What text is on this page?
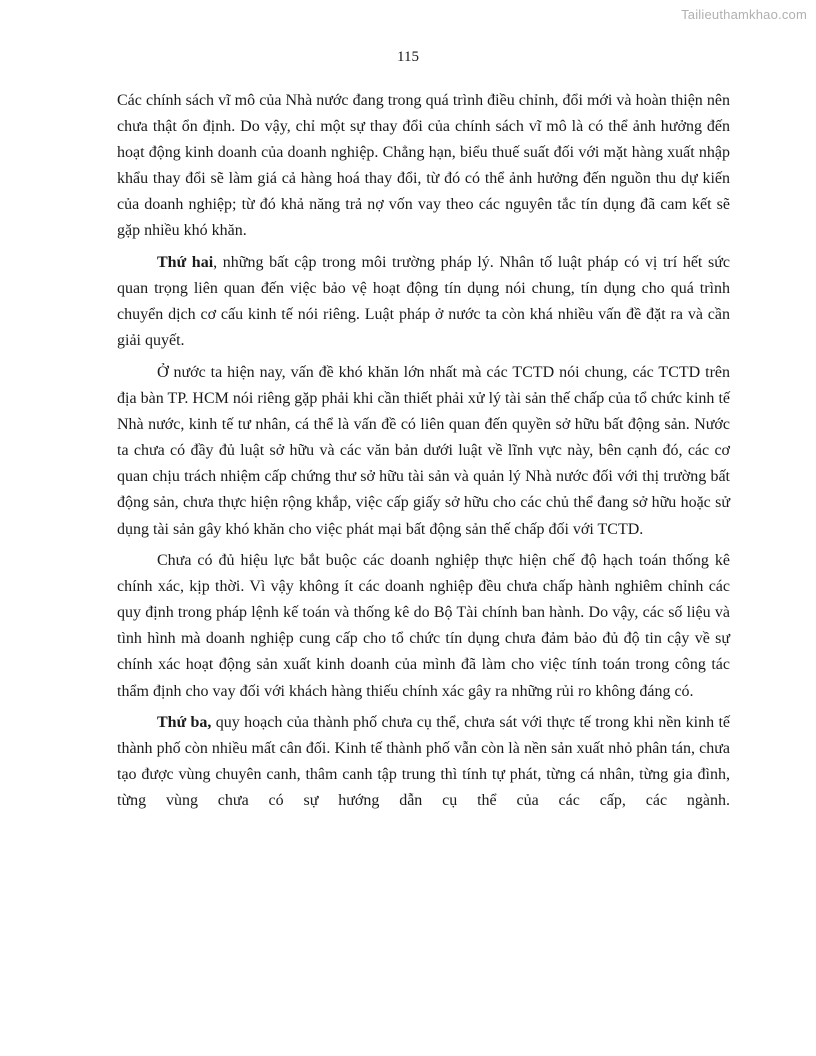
Tailieuthamkhao.com
115

Các chính sách vĩ mô của Nhà nước đang trong quá trình điều chỉnh, đổi mới và hoàn thiện nên chưa thật ổn định. Do vậy, chỉ một sự thay đổi của chính sách vĩ mô là có thể ảnh hưởng đến hoạt động kinh doanh của doanh nghiệp. Chẳng hạn, biểu thuế suất đối với mặt hàng xuất nhập khẩu thay đổi sẽ làm giá cả hàng hoá thay đổi, từ đó có thể ảnh hưởng đến nguồn thu dự kiến của doanh nghiệp; từ đó khả năng trả nợ vốn vay theo các nguyên tắc tín dụng đã cam kết sẽ gặp nhiều khó khăn.

Thứ hai, những bất cập trong môi trường pháp lý. Nhân tố luật pháp có vị trí hết sức quan trọng liên quan đến việc bảo vệ hoạt động tín dụng nói chung, tín dụng cho quá trình chuyển dịch cơ cấu kinh tế nói riêng. Luật pháp ở nước ta còn khá nhiều vấn đề đặt ra và cần giải quyết.

Ở nước ta hiện nay, vấn đề khó khăn lớn nhất mà các TCTD nói chung, các TCTD trên địa bàn TP. HCM nói riêng gặp phải khi cần thiết phải xử lý tài sản thế chấp của tổ chức kinh tế Nhà nước, kinh tế tư nhân, cá thể là vấn đề có liên quan đến quyền sở hữu bất động sản. Nước ta chưa có đầy đủ luật sở hữu và các văn bản dưới luật về lĩnh vực này, bên cạnh đó, các cơ quan chịu trách nhiệm cấp chứng thư sở hữu tài sản và quản lý Nhà nước đối với thị trường bất động sản, chưa thực hiện rộng khắp, việc cấp giấy sở hữu cho các chủ thể đang sở hữu hoặc sử dụng tài sản gây khó khăn cho việc phát mại bất động sản thế chấp đối với TCTD.

Chưa có đủ hiệu lực bắt buộc các doanh nghiệp thực hiện chế độ hạch toán thống kê chính xác, kịp thời. Vì vậy không ít các doanh nghiệp đều chưa chấp hành nghiêm chỉnh các quy định trong pháp lệnh kế toán và thống kê do Bộ Tài chính ban hành. Do vậy, các số liệu và tình hình mà doanh nghiệp cung cấp cho tổ chức tín dụng chưa đảm bảo đủ độ tin cậy về sự chính xác hoạt động sản xuất kinh doanh của mình đã làm cho việc tính toán trong công tác thẩm định cho vay đối với khách hàng thiếu chính xác gây ra những rủi ro không đáng có.

Thứ ba, quy hoạch của thành phố chưa cụ thể, chưa sát với thực tế trong khi nền kinh tế thành phố còn nhiều mất cân đối. Kinh tế thành phố vẫn còn là nền sản xuất nhỏ phân tán, chưa tạo được vùng chuyên canh, thâm canh tập trung thì tính tự phát, từng cá nhân, từng gia đình, từng vùng chưa có sự hướng dẫn cụ thể của các cấp, các ngành.
